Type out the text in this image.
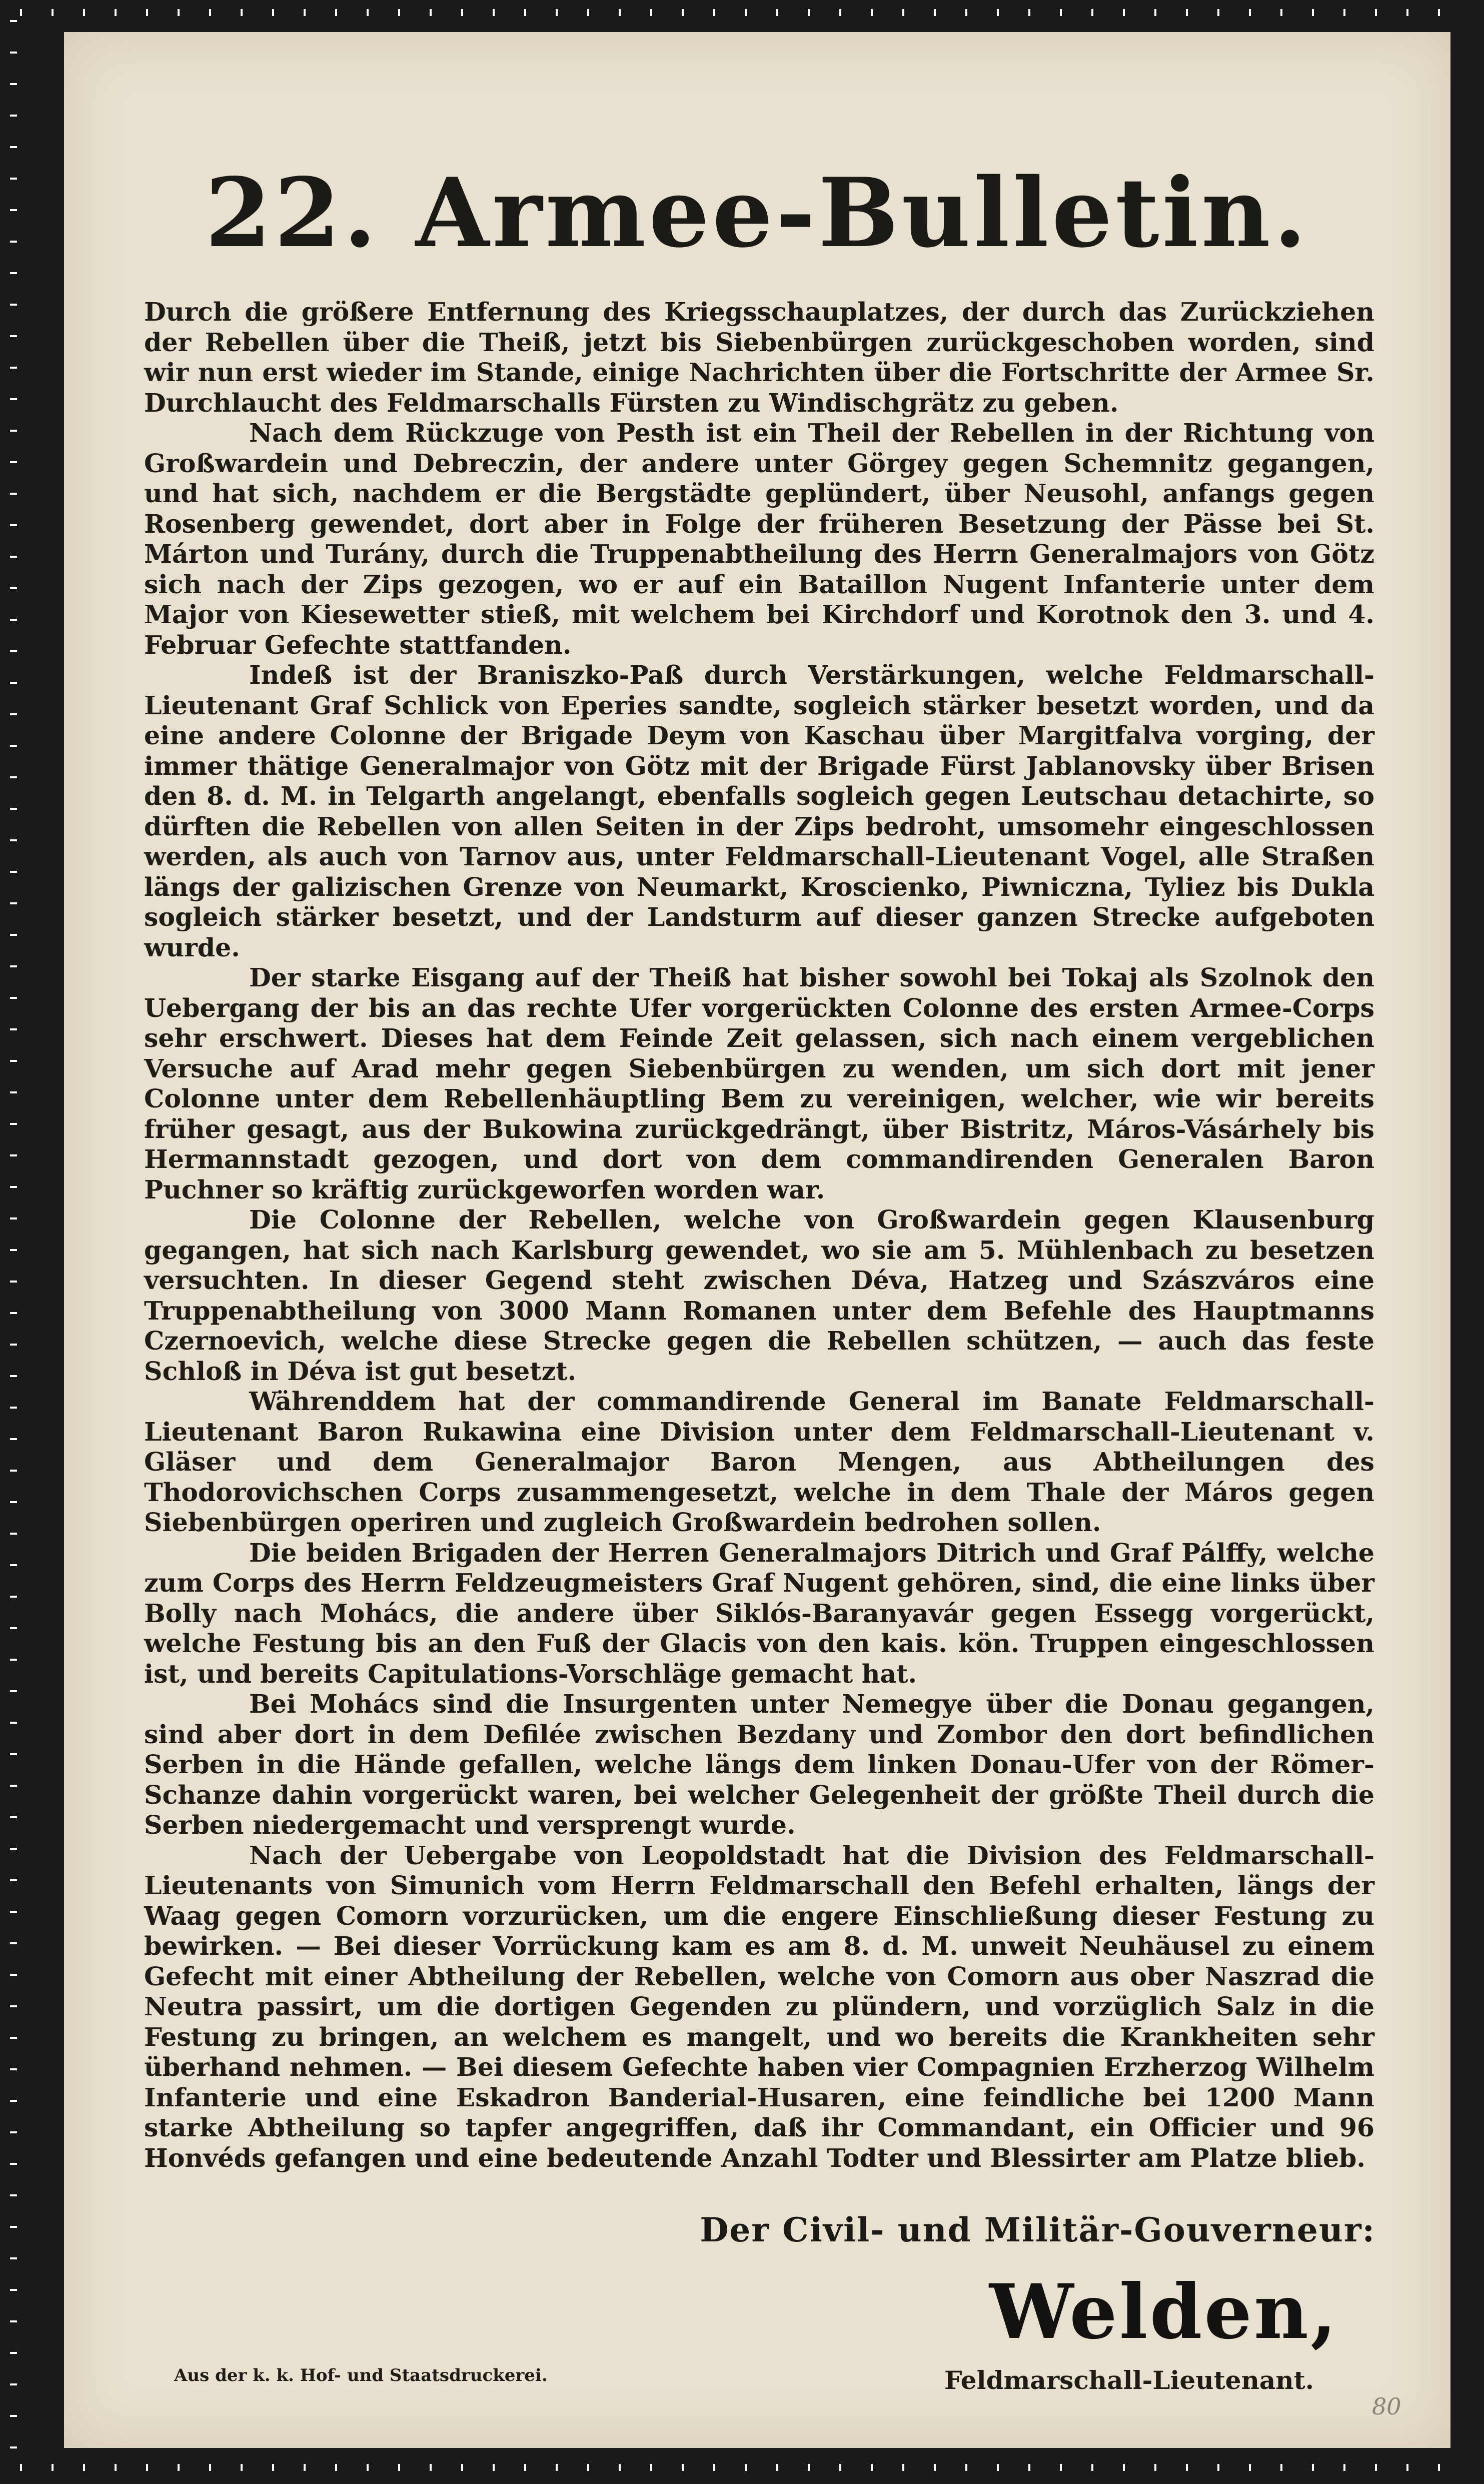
22. Armee-Bulletin.

Durch die größere Entfernung des Kriegsschauplatzes, der durch das Zurückziehen der Rebellen über die Theiß, jetzt bis Siebenbürgen zurückgeschoben worden, sind wir nun erst wieder im Stande, einige Nachrichten über die Fortschritte der Armee Sr. Durchlaucht des Feldmarschalls Fürsten zu Windischgrätz zu geben.

Nach dem Rückzuge von Pesth ist ein Theil der Rebellen in der Richtung von Großwardein und Debreczin, der andere unter Görgey gegen Schemnitz gegangen, und hat sich, nachdem er die Bergstädte geplündert, über Neusohl, anfangs gegen Rosenberg gewendet, dort aber in Folge der früheren Besetzung der Pässe bei St. Márton und Turány, durch die Truppenabtheilung des Herrn Generalmajors von Götz sich nach der Zips gezogen, wo er auf ein Bataillon Nugent Infanterie unter dem Major von Kiesewetter stieß, mit welchem bei Kirchdorf und Korotnok den 3. und 4. Februar Gefechte stattfanden.

Indeß ist der Braniszko-Paß durch Verstärkungen, welche Feldmarschall-Lieutenant Graf Schlick von Eperies sandte, sogleich stärker besetzt worden, und da eine andere Colonne der Brigade Deym von Kaschau über Margitfalva vorging, der immer thätige Generalmajor von Götz mit der Brigade Fürst Jablanovsky über Brisen den 8. d. M. in Telgarth angelangt, ebenfalls sogleich gegen Leutschau detachirte, so dürften die Rebellen von allen Seiten in der Zips bedroht, umsomehr eingeschlossen werden, als auch von Tarnov aus, unter Feldmarschall-Lieutenant Vogel, alle Straßen längs der galizischen Grenze von Neumarkt, Kroscienko, Piwniczna, Tyliez bis Dukla sogleich stärker besetzt, und der Landsturm auf dieser ganzen Strecke aufgeboten wurde.

Der starke Eisgang auf der Theiß hat bisher sowohl bei Tokaj als Szolnok den Uebergang der bis an das rechte Ufer vorgerückten Colonne des ersten Armee-Corps sehr erschwert. Dieses hat dem Feinde Zeit gelassen, sich nach einem vergeblichen Versuche auf Arad mehr gegen Siebenbürgen zu wenden, um sich dort mit jener Colonne unter dem Rebellenhäuptling Bem zu vereinigen, welcher, wie wir bereits früher gesagt, aus der Bukowina zurückgedrängt, über Bistritz, Máros-Vásárhely bis Hermannstadt gezogen, und dort von dem commandirenden Generalen Baron Puchner so kräftig zurückgeworfen worden war.

Die Colonne der Rebellen, welche von Großwardein gegen Klausenburg gegangen, hat sich nach Karlsburg gewendet, wo sie am 5. Mühlenbach zu besetzen versuchten. In dieser Gegend steht zwischen Déva, Hatzeg und Szászváros eine Truppenabtheilung von 3000 Mann Romanen unter dem Befehle des Hauptmanns Czernoevich, welche diese Strecke gegen die Rebellen schützen, — auch das feste Schloß in Déva ist gut besetzt.

Währenddem hat der commandirende General im Banate Feldmarschall-Lieutenant Baron Rukawina eine Division unter dem Feldmarschall-Lieutenant v. Gläser und dem Generalmajor Baron Mengen, aus Abtheilungen des Thodorovichschen Corps zusammengesetzt, welche in dem Thale der Máros gegen Siebenbürgen operiren und zugleich Großwardein bedrohen sollen.

Die beiden Brigaden der Herren Generalmajors Ditrich und Graf Pálffy, welche zum Corps des Herrn Feldzeugmeisters Graf Nugent gehören, sind, die eine links über Bolly nach Mohács, die andere über Siklós-Baranyavár gegen Essegg vorgerückt, welche Festung bis an den Fuß der Glacis von den kais. kön. Truppen eingeschlossen ist, und bereits Capitulations-Vorschläge gemacht hat.

Bei Mohács sind die Insurgenten unter Nemegye über die Donau gegangen, sind aber dort in dem Defilée zwischen Bezdany und Zombor den dort befindlichen Serben in die Hände gefallen, welche längs dem linken Donau-Ufer von der Römer-Schanze dahin vorgerückt waren, bei welcher Gelegenheit der größte Theil durch die Serben niedergemacht und versprengt wurde.

Nach der Uebergabe von Leopoldstadt hat die Division des Feldmarschall-Lieutenants von Simunich vom Herrn Feldmarschall den Befehl erhalten, längs der Waag gegen Comorn vorzurücken, um die engere Einschließung dieser Festung zu bewirken. — Bei dieser Vorrückung kam es am 8. d. M. unweit Neuhäusel zu einem Gefecht mit einer Abtheilung der Rebellen, welche von Comorn aus ober Naszrad die Neutra passirt, um die dortigen Gegenden zu plündern, und vorzüglich Salz in die Festung zu bringen, an welchem es mangelt, und wo bereits die Krankheiten sehr überhand nehmen. — Bei diesem Gefechte haben vier Compagnien Erzherzog Wilhelm Infanterie und eine Eskadron Banderial-Husaren, eine feindliche bei 1200 Mann starke Abtheilung so tapfer angegriffen, daß ihr Commandant, ein Officier und 96 Honvéds gefangen und eine bedeutende Anzahl Todter und Blessirter am Platze blieb.

Der Civil- und Militär-Gouverneur:
Welden,
Feldmarschall-Lieutenant.
Aus der k. k. Hof- und Staatsdruckerei.
80
